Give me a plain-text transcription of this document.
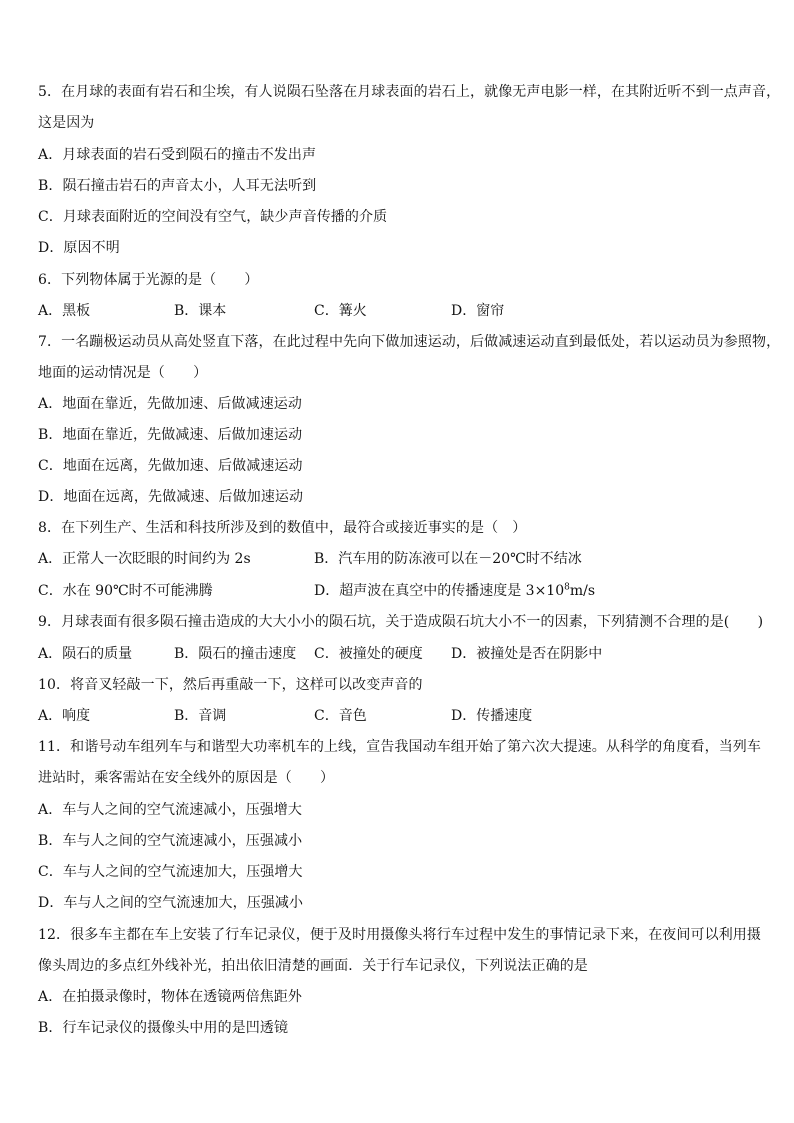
5．在月球的表面有岩石和尘埃，有人说陨石坠落在月球表面的岩石上，就像无声电影一样，在其附近听不到一点声音，
这是因为
A．月球表面的岩石受到陨石的撞击不发出声
B．陨石撞击岩石的声音太小，人耳无法听到
C．月球表面附近的空间没有空气，缺少声音传播的介质
D．原因不明
6．下列物体属于光源的是（　　）
A．黑板	B．课本	C．篝火	D．窗帘
7．一名蹦极运动员从高处竖直下落，在此过程中先向下做加速运动，后做减速运动直到最低处，若以运动员为参照物，
地面的运动情况是（　　）
A．地面在靠近，先做加速、后做减速运动
B．地面在靠近，先做减速、后做加速运动
C．地面在远离，先做加速、后做减速运动
D．地面在远离，先做减速、后做加速运动
8．在下列生产、生活和科技所涉及到的数值中，最符合或接近事实的是（　）
A．正常人一次眨眼的时间约为 2s	B．汽车用的防冻液可以在－20℃时不结冰
C．水在 90℃时不可能沸腾	D．超声波在真空中的传播速度是 $3\times 10^8m/s$
9．月球表面有很多陨石撞击造成的大大小小的陨石坑，关于造成陨石坑大小不一的因素，下列猜测不合理的是(　　)
A．陨石的质量	B．陨石的撞击速度 C．被撞处的硬度 D．被撞处是否在阴影中
10．将音叉轻敲一下，然后再重敲一下，这样可以改变声音的
A．响度	B．音调	C．音色	D．传播速度
11．和谐号动车组列车与和谐型大功率机车的上线，宣告我国动车组开始了第六次大提速。从科学的角度看，当列车
进站时，乘客需站在安全线外的原因是（　　）
A．车与人之间的空气流速减小，压强增大
B．车与人之间的空气流速减小，压强减小
C．车与人之间的空气流速加大，压强增大
D．车与人之间的空气流速加大，压强减小
12．很多车主都在车上安装了行车记录仪，便于及时用摄像头将行车过程中发生的事情记录下来，在夜间可以利用摄
像头周边的多点红外线补光，拍出依旧清楚的画面．关于行车记录仪，下列说法正确的是
A．在拍摄录像时，物体在透镜两倍焦距外
B．行车记录仪的摄像头中用的是凹透镜
